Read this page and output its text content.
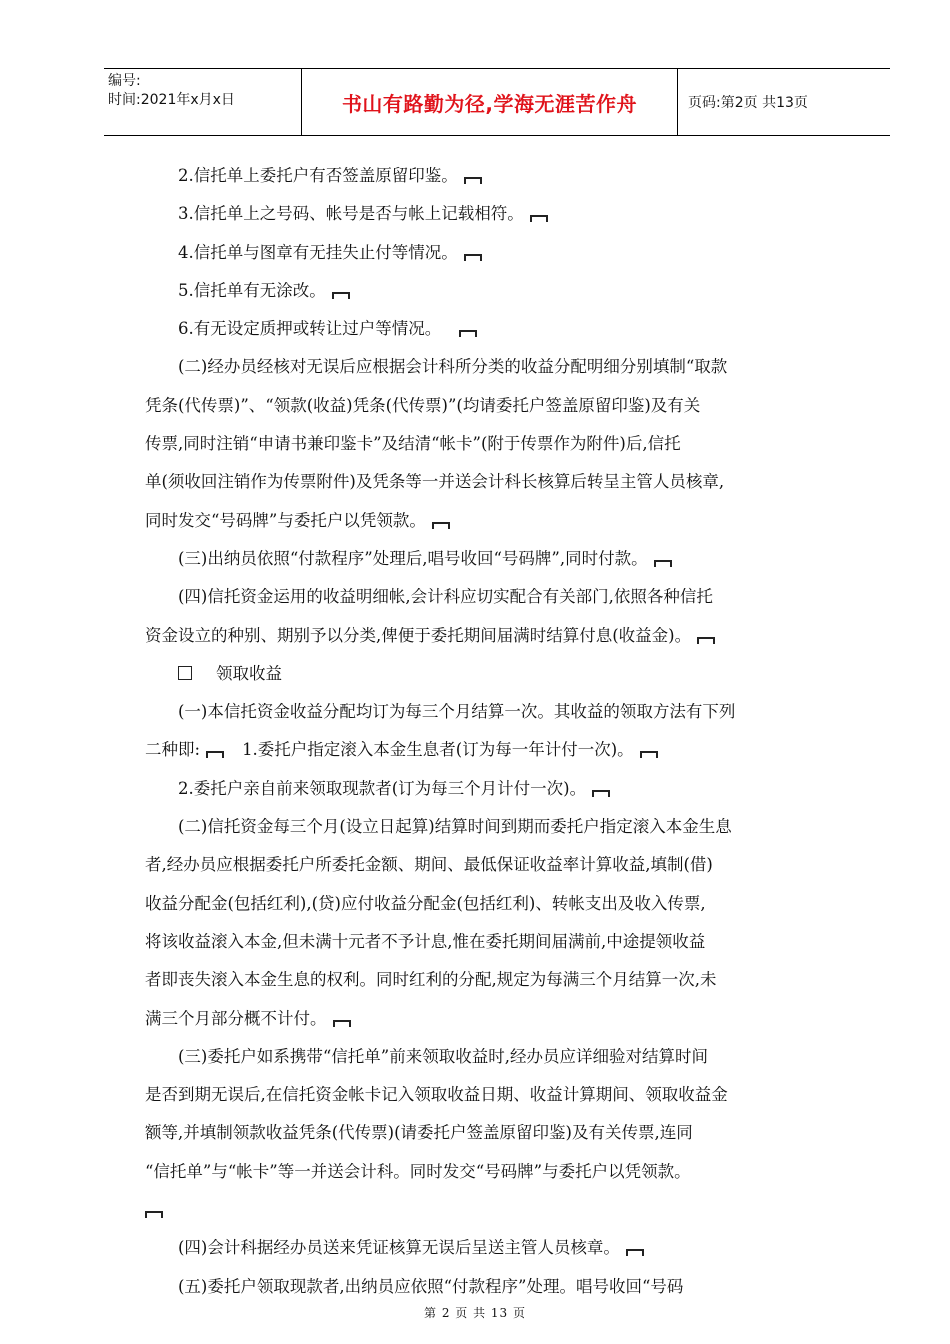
编号:
时间:2021年x月x日	书山有路勤为径,学海无涯苦作舟	页码:第2页 共13页
2.信托单上委托户有否签盖原留印鉴。
3.信托单上之号码、帐号是否与帐上记载相符。
4.信托单与图章有无挂失止付等情况。
5.信托单有无涂改。
6.有无设定质押或转让过户等情况。
(二)经办员经核对无误后应根据会计科所分类的收益分配明细分别填制“取款
凭条(代传票)”、“领款(收益)凭条(代传票)”(均请委托户签盖原留印鉴)及有关
传票,同时注销“申请书兼印鉴卡”及结清“帐卡”(附于传票作为附件)后,信托
单(须收回注销作为传票附件)及凭条等一并送会计科长核算后转呈主管人员核章,
同时发交“号码牌”与委托户以凭领款。
(三)出纳员依照“付款程序”处理后,唱号收回“号码牌”,同时付款。
(四)信托资金运用的收益明细帐,会计科应切实配合有关部门,依照各种信托
资金设立的种别、期别予以分类,俾便于委托期间届满时结算付息(收益金)。
领取收益
(一)本信托资金收益分配均订为每三个月结算一次。其收益的领取方法有下列
二种即:	1.委托户指定滚入本金生息者(订为每一年计付一次)。
2.委托户亲自前来领取现款者(订为每三个月计付一次)。
(二)信托资金每三个月(设立日起算)结算时间到期而委托户指定滚入本金生息
者,经办员应根据委托户所委托金额、期间、最低保证收益率计算收益,填制(借)
收益分配金(包括红利),(贷)应付收益分配金(包括红利)、转帐支出及收入传票,
将该收益滚入本金,但未满十元者不予计息,惟在委托期间届满前,中途提领收益
者即丧失滚入本金生息的权利。同时红利的分配,规定为每满三个月结算一次,未
满三个月部分概不计付。
(三)委托户如系携带“信托单”前来领取收益时,经办员应详细验对结算时间
是否到期无误后,在信托资金帐卡记入领取收益日期、收益计算期间、领取收益金
额等,并填制领款收益凭条(代传票)(请委托户签盖原留印鉴)及有关传票,连同
“信托单”与“帐卡”等一并送会计科。同时发交“号码牌”与委托户以凭领款。
(四)会计科据经办员送来凭证核算无误后呈送主管人员核章。
(五)委托户领取现款者,出纳员应依照“付款程序”处理。唱号收回“号码
第 2 页 共 13 页
